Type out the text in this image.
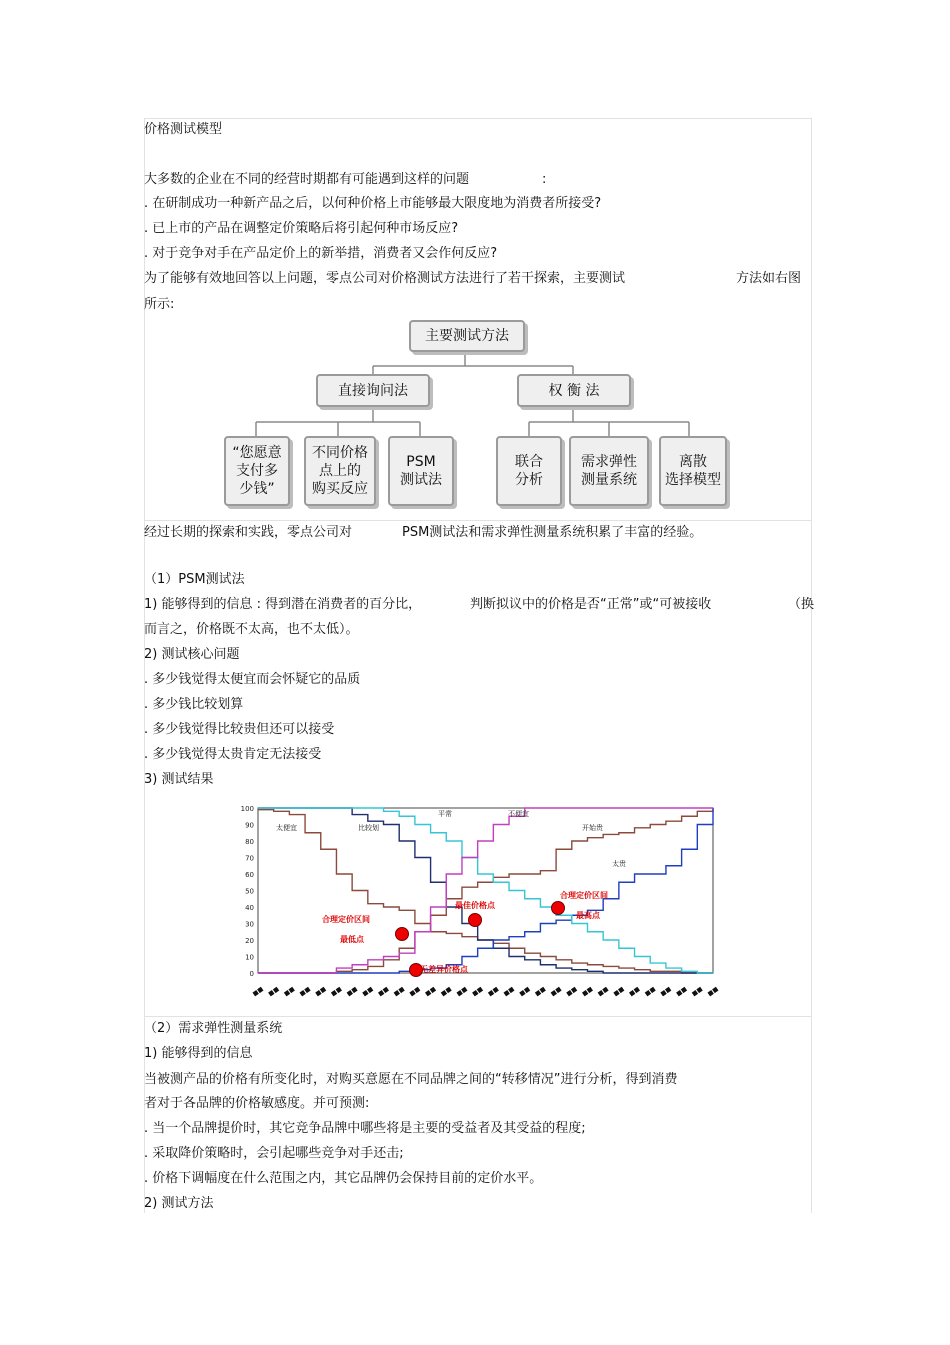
价格测试模型
大多数的企业在不同的经营时期都有可能遇到这样的问题	:
. 在研制成功一种新产品之后，以何种价格上市能够最大限度地为消费者所接受?
. 已上市的产品在调整定价策略后将引起何种市场反应?
. 对于竞争对手在产品定价上的新举措，消费者又会作何反应?
为了能够有效地回答以上问题，零点公司对价格测试方法进行了若干探索，主要测试	方法如右图
所示:
主要测试方法
直接询问法	权 衡 法
“您愿意
支付多
少钱”
不同价格
点上的
购买反应
PSM
测试法
联合
分析
需求弹性
测量系统
离散
选择模型
经过长期的探索和实践，零点公司对	PSM测试法和需求弹性测量系统积累了丰富的经验。
（1）PSM测试法
1) 能够得到的信息 : 得到潜在消费者的百分比，	判断拟议中的价格是否“正常”或“可被接收	（换
而言之，价格既不太高，也不太低）。
2) 测试核心问题
. 多少钱觉得太便宜而会怀疑它的品质
. 多少钱比较划算
. 多少钱觉得比较贵但还可以接受
. 多少钱觉得太贵肯定无法接受
3) 测试结果
100
90
80
70
60
50
40
30
20
10
0
■■ ■■ ■■ ■■ ■■ ■■ ■■ ■■ ■■ ■■ ■■ ■■ ■■ ■■ ■■ ■■ ■■ ■■ ■■ ■■ ■■ ■■ ■■ ■■ ■■ ■■ ■■ ■■ ■■ ■■
太便宜	比较划
平常	不便宜
太贵
开始贵
合理定价区间
最低点
最佳价格点
无差异价格点
合理定价区间
最高点
（2）需求弹性测量系统
1) 能够得到的信息
当被测产品的价格有所变化时，对购买意愿在不同品牌之间的“转移情况”进行分析，得到消费
者对于各品牌的价格敏感度。并可预测:
. 当一个品牌提价时，其它竞争品牌中哪些将是主要的受益者及其受益的程度;
. 采取降价策略时，会引起哪些竞争对手还击;
. 价格下调幅度在什么范围之内，其它品牌仍会保持目前的定价水平。
2) 测试方法
